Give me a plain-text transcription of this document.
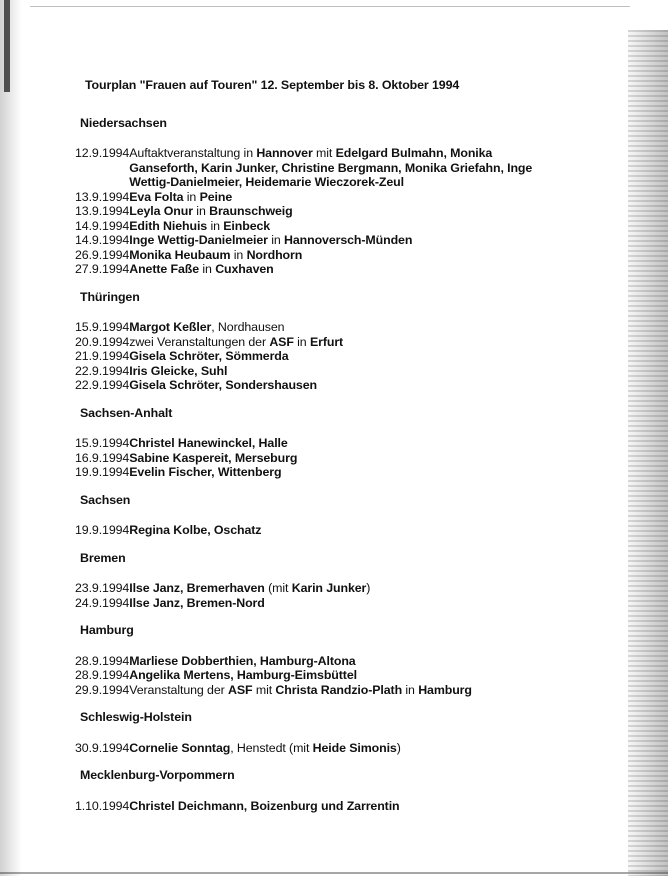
Tourplan "Frauen auf Touren" 12. September bis 8. Oktober 1994
Niedersachsen
12.9.1994 Auftaktveranstaltung in Hannover mit Edelgard Bulmahn, Monika Ganseforth, Karin Junker, Christine Bergmann, Monika Griefahn, Inge Wettig-Danielmeier, Heidemarie Wieczorek-Zeul
13.9.1994 Eva Folta in Peine
13.9.1994 Leyla Onur in Braunschweig
14.9.1994 Edith Niehuis in Einbeck
14.9.1994 Inge Wettig-Danielmeier in Hannoversch-Münden
26.9.1994 Monika Heubaum in Nordhorn
27.9.1994 Anette Faße in Cuxhaven
Thüringen
15.9.1994 Margot Keßler, Nordhausen
20.9.1994 zwei Veranstaltungen der ASF in Erfurt
21.9.1994 Gisela Schröter, Sömmerda
22.9.1994 Iris Gleicke, Suhl
22.9.1994 Gisela Schröter, Sondershausen
Sachsen-Anhalt
15.9.1994 Christel Hanewinckel, Halle
16.9.1994 Sabine Kaspereit, Merseburg
19.9.1994 Evelin Fischer, Wittenberg
Sachsen
19.9.1994 Regina Kolbe, Oschatz
Bremen
23.9.1994 Ilse Janz, Bremerhaven (mit Karin Junker)
24.9.1994 Ilse Janz, Bremen-Nord
Hamburg
28.9.1994 Marliese Dobberthien, Hamburg-Altona
28.9.1994 Angelika Mertens, Hamburg-Eimsbüttel
29.9.1994 Veranstaltung der ASF mit Christa Randzio-Plath in Hamburg
Schleswig-Holstein
30.9.1994 Cornelie Sonntag, Henstedt (mit Heide Simonis)
Mecklenburg-Vorpommern
1.10.1994 Christel Deichmann, Boizenburg und Zarrentin
